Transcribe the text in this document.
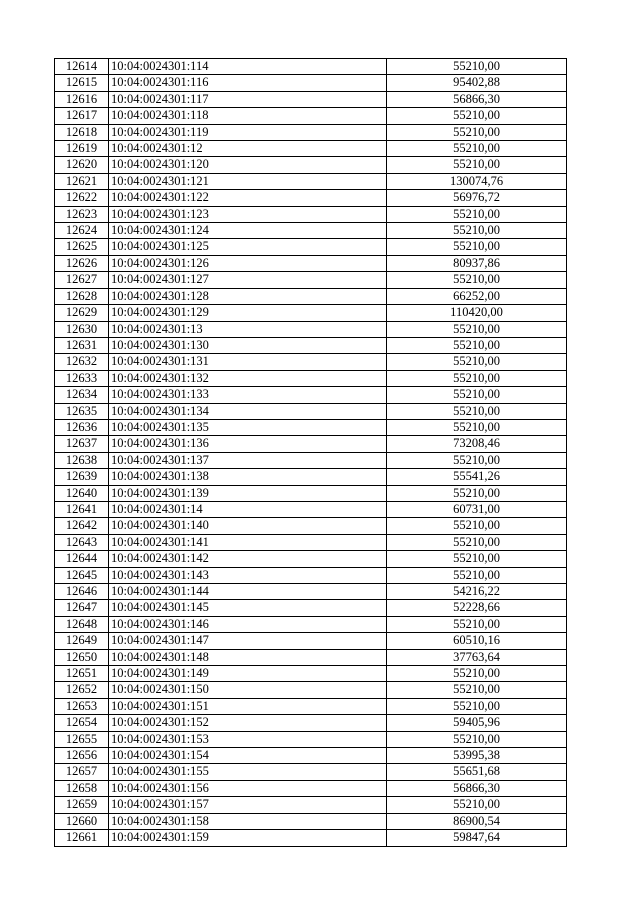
12614	10:04:0024301:114	55210,00
12615	10:04:0024301:116	95402,88
12616	10:04:0024301:117	56866,30
12617	10:04:0024301:118	55210,00
12618	10:04:0024301:119	55210,00
12619	10:04:0024301:12	55210,00
12620	10:04:0024301:120	55210,00
12621	10:04:0024301:121	130074,76
12622	10:04:0024301:122	56976,72
12623	10:04:0024301:123	55210,00
12624	10:04:0024301:124	55210,00
12625	10:04:0024301:125	55210,00
12626	10:04:0024301:126	80937,86
12627	10:04:0024301:127	55210,00
12628	10:04:0024301:128	66252,00
12629	10:04:0024301:129	110420,00
12630	10:04:0024301:13	55210,00
12631	10:04:0024301:130	55210,00
12632	10:04:0024301:131	55210,00
12633	10:04:0024301:132	55210,00
12634	10:04:0024301:133	55210,00
12635	10:04:0024301:134	55210,00
12636	10:04:0024301:135	55210,00
12637	10:04:0024301:136	73208,46
12638	10:04:0024301:137	55210,00
12639	10:04:0024301:138	55541,26
12640	10:04:0024301:139	55210,00
12641	10:04:0024301:14	60731,00
12642	10:04:0024301:140	55210,00
12643	10:04:0024301:141	55210,00
12644	10:04:0024301:142	55210,00
12645	10:04:0024301:143	55210,00
12646	10:04:0024301:144	54216,22
12647	10:04:0024301:145	52228,66
12648	10:04:0024301:146	55210,00
12649	10:04:0024301:147	60510,16
12650	10:04:0024301:148	37763,64
12651	10:04:0024301:149	55210,00
12652	10:04:0024301:150	55210,00
12653	10:04:0024301:151	55210,00
12654	10:04:0024301:152	59405,96
12655	10:04:0024301:153	55210,00
12656	10:04:0024301:154	53995,38
12657	10:04:0024301:155	55651,68
12658	10:04:0024301:156	56866,30
12659	10:04:0024301:157	55210,00
12660	10:04:0024301:158	86900,54
12661	10:04:0024301:159	59847,64
